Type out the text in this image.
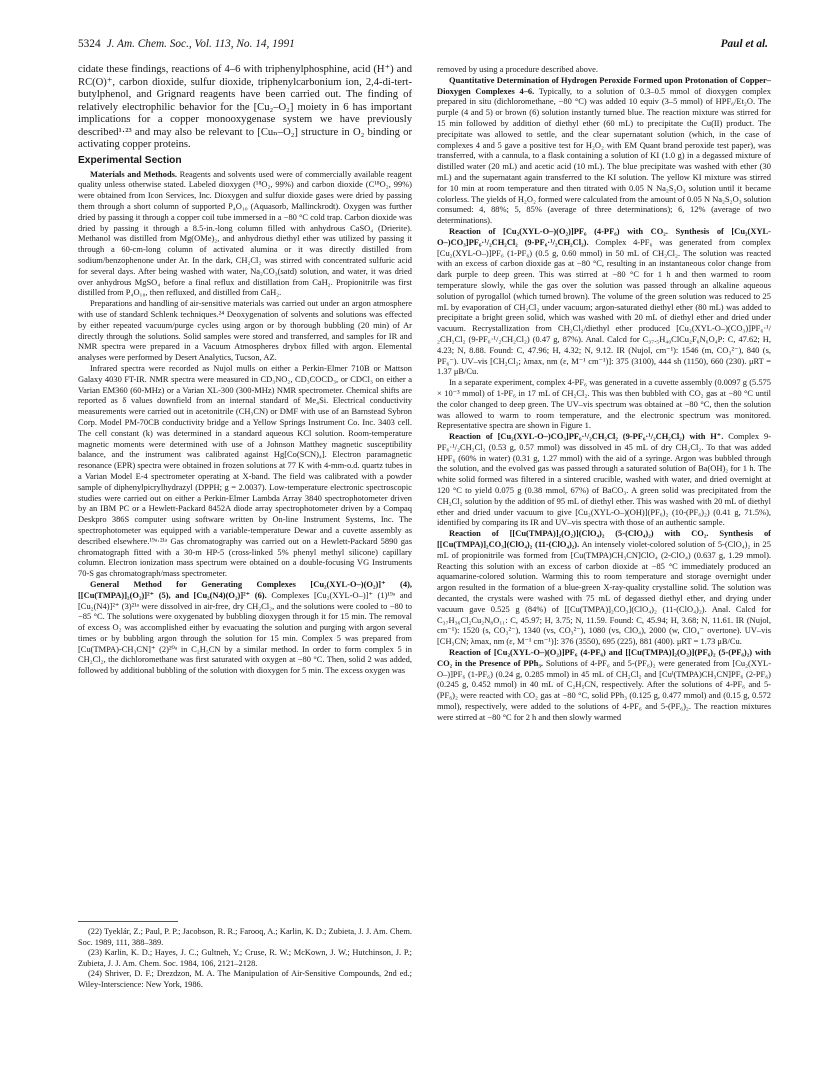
5324 J. Am. Chem. Soc., Vol. 113, No. 14, 1991	Paul et al.

cidate these findings, reactions of 4–6 with triphenylphosphine, acid (H⁺) and RC(O)⁺, carbon dioxide, sulfur dioxide, triphenylcarbonium ion, 2,4-di-tert-butylphenol, and Grignard reagents have been carried out. The finding of relatively electrophilic behavior for the [Cu₂–O₂] moiety in 6 has important implications for a copper monooxygenase system we have previously described¹·²³ and may also be relevant to [Cuₙ–O₂] structure in O₂ binding or activating copper proteins.

Experimental Section

Materials and Methods. Reagents and solvents used were of commercially available reagent quality unless otherwise stated. Labeled dioxygen (¹⁸O₂, 99%) and carbon dioxide (C¹⁸O₂, 99%) were obtained from Icon Services, Inc. Dioxygen and sulfur dioxide gases were dried by passing them through a short column of supported P₄O₁₀ (Aquasorb, Mallinckrodt). Oxygen was further dried by passing it through a copper coil tube immersed in a −80 °C cold trap. Carbon dioxide was dried by passing it through a 8.5-in.-long column filled with anhydrous CaSO₄ (Drierite). Methanol was distilled from Mg(OMe)₂, and anhydrous diethyl ether was utilized by passing it through a 60-cm-long column of activated alumina or it was directly distilled from sodium/benzophenone under Ar. In the dark, CH₂Cl₂ was stirred with concentrated sulfuric acid for several days. After being washed with water, Na₂CO₃(satd) solution, and water, it was dried over anhydrous MgSO₄ before a final reflux and distillation from CaH₂. Propionitrile was first distilled from P₄O₁₀, then refluxed, and distilled from CaH₂.

Preparations and handling of air-sensitive materials was carried out under an argon atmosphere with use of standard Schlenk techniques.²⁴ Deoxygenation of solvents and solutions was effected by either repeated vacuum/purge cycles using argon or by thorough bubbling (20 min) of Ar directly through the solutions. Solid samples were stored and transferred, and samples for IR and NMR spectra were prepared in a Vacuum Atmospheres drybox filled with argon. Elemental analyses were performed by Desert Analytics, Tucson, AZ.

Infrared spectra were recorded as Nujol mulls on either a Perkin-Elmer 710B or Mattson Galaxy 4030 FT-IR. NMR spectra were measured in CD₃NO₂, CD₃COCD₃, or CDCl₃ on either a Varian EM360 (60-MHz) or a Varian XL-300 (300-MHz) NMR spectrometer. Chemical shifts are reported as δ values downfield from an internal standard of Me₄Si. Electrical conductivity measurements were carried out in acetonitrile (CH₃CN) or DMF with use of an Barnstead Sybron Corp. Model PM-70CB conductivity bridge and a Yellow Springs Instrument Co. Inc. 3403 cell. The cell constant (k) was determined in a standard aqueous KCl solution. Room-temperature magnetic moments were determined with use of a Johnson Matthey magnetic susceptibility balance, and the instrument was calibrated against Hg[Co(SCN)₄]. Electron paramagnetic resonance (EPR) spectra were obtained in frozen solutions at 77 K with 4-mm-o.d. quartz tubes in a Varian Model E-4 spectrometer operating at X-band. The field was calibrated with a powder sample of diphenylpicrylhydrazyl (DPPH; g = 2.0037). Low-temperature electronic spectroscopic studies were carried out on either a Perkin-Elmer Lambda Array 3840 spectrophotometer driven by an IBM PC or a Hewlett-Packard 8452A diode array spectrophotometer driven by a Compaq Deskpro 386S computer using software written by On-line Instrument Systems, Inc. The spectrophotometer was equipped with a variable-temperature Dewar and a cuvette assembly as described elsewhere.¹⁹ᵃ·²¹ᵃ Gas chromatography was carried out on a Hewlett-Packard 5890 gas chromatograph fitted with a 30-m HP-5 (cross-linked 5% phenyl methyl silicone) capillary column. Electron ionization mass spectrum were obtained on a double-focusing VG Instruments 70-S gas chromatograph/mass spectrometer.

General Method for Generating Complexes [Cu₂(XYL-O–)(O₂)]⁺ (4), [[Cu(TMPA)]₂(O₂)]²⁺ (5), and [Cu₂(N4)(O₂)]²⁺ (6). Complexes [Cu₂(XYL-O–)]⁺ (1)¹⁹ᵃ and [Cu₂(N4)]²⁺ (3)²¹ᵃ were dissolved in air-free, dry CH₂Cl₂, and the solutions were cooled to −80 to −85 °C. The solutions were oxygenated by bubbling dioxygen through it for 15 min. The removal of excess O₂ was accomplished either by evacuating the solution and purging with argon several times or by bubbling argon through the solution for 15 min. Complex 5 was prepared from [Cu(TMPA)-CH₃CN]⁺ (2)²⁰ᵃ in C₂H₅CN by a similar method. In order to form complex 5 in CH₂Cl₂, the dichloromethane was first saturated with oxygen at −80 °C. Then, solid 2 was added, followed by additional bubbling of the solution with dioxygen for 5 min. The excess oxygen was

(22) Tyeklár, Z.; Paul, P. P.; Jacobson, R. R.; Farooq, A.; Karlin, K. D.; Zubieta, J. J. Am. Chem. Soc. 1989, 111, 388–389.

(23) Karlin, K. D.; Hayes, J. C.; Gultneh, Y.; Cruse, R. W.; McKown, J. W.; Hutchinson, J. P.; Zubieta, J. J. Am. Chem. Soc. 1984, 106, 2121–2128.

(24) Shriver, D. F.; Drezdzon, M. A. The Manipulation of Air-Sensitive Compounds, 2nd ed.; Wiley-Interscience: New York, 1986.

removed by using a procedure described above.

Quantitative Determination of Hydrogen Peroxide Formed upon Protonation of Copper–Dioxygen Complexes 4–6. Typically, to a solution of 0.3–0.5 mmol of dioxygen complex prepared in situ (dichloromethane, −80 °C) was added 10 equiv (3–5 mmol) of HPF₆/Et₂O. The purple (4 and 5) or brown (6) solution instantly turned blue. The reaction mixture was stirred for 15 min followed by addition of diethyl ether (60 mL) to precipitate the Cu(II) product. The precipitate was allowed to settle, and the clear supernatant solution (which, in the case of complexes 4 and 5 gave a positive test for H₂O₂ with EM Quant brand peroxide test paper), was transferred, with a cannula, to a flask containing a solution of KI (1.0 g) in a degassed mixture of distilled water (20 mL) and acetic acid (10 mL). The blue precipitate was washed with ether (30 mL) and the supernatant again transferred to the KI solution. The yellow KI mixture was stirred for 10 min at room temperature and then titrated with 0.05 N Na₂S₂O₃ solution until it became colorless. The yields of H₂O₂ formed were calculated from the amount of 0.05 N Na₂S₂O₃ solution consumed: 4, 88%; 5, 85% (average of three determinations); 6, 12% (average of two determinations).

Reaction of [Cu₂(XYL-O–)(O₂)]PF₆ (4-PF₆) with CO₂. Synthesis of [Cu₂(XYL-O–)CO₃]PF₆·¹/₂CH₂Cl₂ (9-PF₆·¹/₂CH₂Cl₂). Complex 4-PF₆ was generated from complex [Cu₂(XYL-O–)]PF₆ (1-PF₆) (0.5 g, 0.60 mmol) in 50 mL of CH₂Cl₂. The solution was reacted with an excess of carbon dioxide gas at −80 °C, resulting in an instantaneous color change from dark purple to deep green. This was stirred at −80 °C for 1 h and then warmed to room temperature slowly, while the gas over the solution was passed through an alkaline aqueous solution of pyrogallol (which turned brown). The volume of the green solution was reduced to 25 mL by evaporation of CH₂Cl₂ under vacuum; argon-saturated diethyl ether (80 mL) was added to precipitate a bright green solid, which was washed with 20 mL of diethyl ether and dried under vacuum. Recrystallization from CH₂Cl₂/diethyl ether produced [Cu₂(XYL-O–)(CO₃)]PF₆·¹/₂CH₂Cl₂ (9-PF₆·¹/₂CH₂Cl₂) (0.47 g, 87%). Anal. Calcd for C₃₇.₅H₄₀ClCu₂F₆N₆O₄P: C, 47.62; H, 4.23; N, 8.88. Found: C, 47.96; H, 4.32; N, 9.12. IR (Nujol, cm⁻¹): 1546 (m, CO₃²⁻), 840 (s, PF₆⁻). UV–vis [CH₂Cl₂; λmax, nm (ε, M⁻¹ cm⁻¹)]: 375 (3100), 444 sh (1150), 660 (230). μRT = 1.37 μB/Cu.

In a separate experiment, complex 4-PF₆ was generated in a cuvette assembly (0.0097 g (5.575 × 10⁻³ mmol) of 1-PF₆ in 17 mL of CH₂Cl₂. This was then bubbled with CO₂ gas at −80 °C until the color changed to deep green. The UV–vis spectrum was obtained at −80 °C, then the solution was allowed to warm to room temperature, and the electronic spectrum was monitored. Representative spectra are shown in Figure 1.

Reaction of [Cu₂(XYL-O–)CO₃]PF₆·¹/₂CH₂Cl₂ (9-PF₆·¹/₂CH₂Cl₂) with H⁺. Complex 9-PF₆·¹/₂CH₂Cl₂ (0.53 g, 0.57 mmol) was dissolved in 45 mL of dry CH₂Cl₂. To that was added HPF₆ (60% in water) (0.31 g, 1.27 mmol) with the aid of a syringe. Argon was bubbled through the solution, and the evolved gas was passed through a saturated solution of Ba(OH)₂ for 1 h. The white solid formed was filtered in a sintered crucible, washed with water, and dried overnight at 120 °C to yield 0.075 g (0.38 mmol, 67%) of BaCO₃. A green solid was precipitated from the CH₂Cl₂ solution by the addition of 95 mL of diethyl ether. This was washed with 20 mL of diethyl ether and dried under vacuum to give [Cu₂(XYL-O–)(OH)](PF₆)₂ (10-(PF₆)₂) (0.41 g, 71.5%), identified by comparing its IR and UV–vis spectra with those of an authentic sample.

Reaction of [[Cu(TMPA)]₂(O₂)](ClO₄)₂ (5-(ClO₄)₂) with CO₂. Synthesis of [[Cu(TMPA)]₂CO₃](ClO₄)₂ (11-(ClO₄)₂). An intensely violet-colored solution of 5-(ClO₄)₂ in 25 mL of propionitrile was formed from [Cu(TMPA)CH₃CN]ClO₄ (2-ClO₄) (0.637 g, 1.29 mmol). Reacting this solution with an excess of carbon dioxide at −85 °C immediately produced an aquamarine-colored solution. Warming this to room temperature and storage overnight under argon resulted in the formation of a blue-green X-ray-quality crystalline solid. The solution was decanted, the crystals were washed with 75 mL of degassed diethyl ether, and drying under vacuum gave 0.525 g (84%) of [[Cu(TMPA)]₂CO₃](ClO₄)₂ (11-(ClO₄)₂). Anal. Calcd for C₃₇H₃₆Cl₂Cu₂N₈O₁₁: C, 45.97; H, 3.75; N, 11.59. Found: C, 45.94; H, 3.68; N, 11.61. IR (Nujol, cm⁻¹): 1520 (s, CO₃²⁻), 1340 (vs, CO₃²⁻), 1080 (vs, ClO₄), 2000 (w, ClO₄⁻ overtone). UV–vis [CH₃CN; λmax, nm (ε, M⁻¹ cm⁻¹)]: 376 (3550), 695 (225), 881 (400). μRT = 1.73 μB/Cu.

Reaction of [Cu₂(XYL-O–)(O₂)]PF₆ (4-PF₆) and [[Cu(TMPA)]₂(O₂)](PF₆)₂ (5-(PF₆)₂) with CO₂ in the Presence of PPh₃. Solutions of 4-PF₆ and 5-(PF₆)₂ were generated from [Cu₂(XYL-O–)]PF₆ (1-PF₆) (0.24 g, 0.285 mmol) in 45 mL of CH₂Cl₂ and [Cuᴵ(TMPA)CH₃CN]PF₆ (2-PF₆) (0.245 g, 0.452 mmol) in 40 mL of C₂H₅CN, respectively. After the solutions of 4-PF₆ and 5-(PF₆)₂ were reacted with CO₂ gas at −80 °C, solid PPh₃ (0.125 g, 0.477 mmol) and (0.15 g, 0.572 mmol), respectively, were added to the solutions of 4-PF₆ and 5-(PF₆)₂. The reaction mixtures were stirred at −80 °C for 2 h and then slowly warmed
